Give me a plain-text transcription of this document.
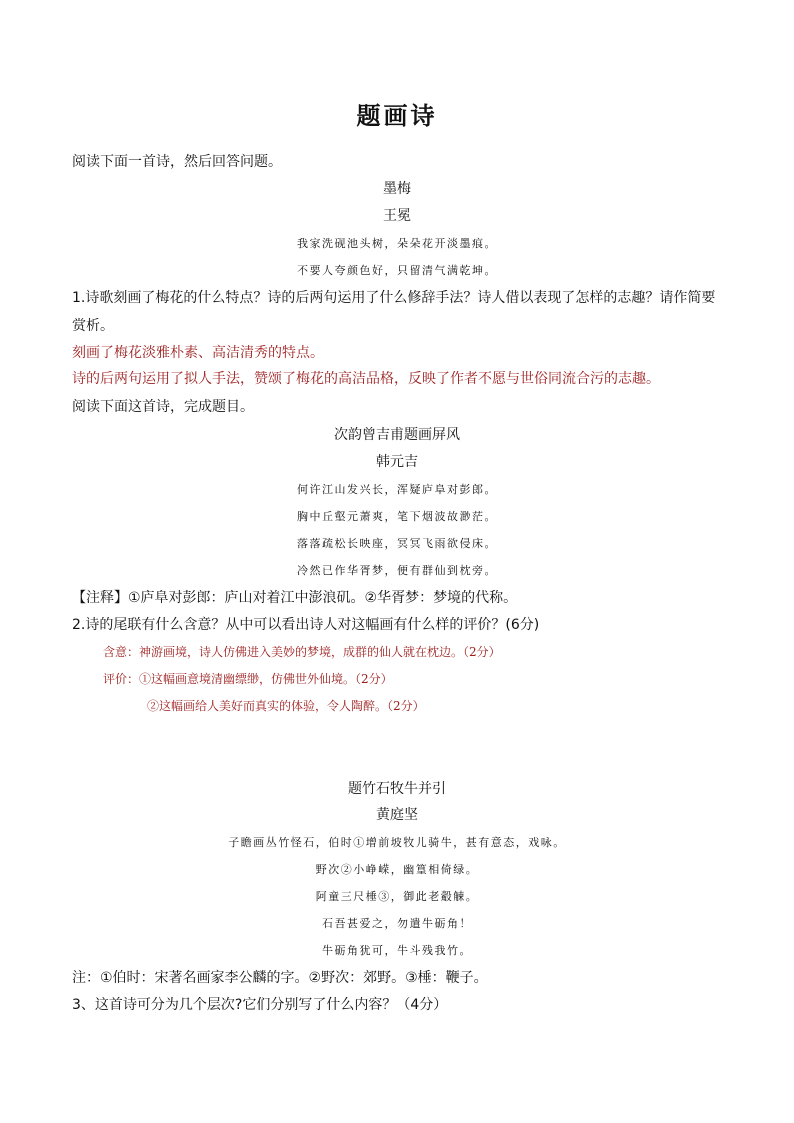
题画诗
阅读下面一首诗，然后回答问题。
墨梅
王冕
我家洗砚池头树，朵朵花开淡墨痕。
不要人夸颜色好，只留清气满乾坤。
1.诗歌刻画了梅花的什么特点？诗的后两句运用了什么修辞手法？诗人借以表现了怎样的志趣？请作简要
赏析。
刻画了梅花淡雅朴素、高洁清秀的特点。
诗的后两句运用了拟人手法，赞颂了梅花的高洁品格，反映了作者不愿与世俗同流合污的志趣。
阅读下面这首诗，完成题目。
次韵曾吉甫题画屏风
韩元吉
何许江山发兴长，浑疑庐阜对彭郎。
胸中丘壑元萧爽，笔下烟波故渺茫。
落落疏松长映座，冥冥飞雨欲侵床。
冷然已作华胥梦，便有群仙到枕旁。
【注释】①庐阜对彭郎：庐山对着江中澎浪矶。②华胥梦：梦境的代称。
2.诗的尾联有什么含意？从中可以看出诗人对这幅画有什么样的评价？(6分)
含意：神游画境，诗人仿佛进入美妙的梦境，成群的仙人就在枕边。（2分）
评价：①这幅画意境清幽缥缈，仿佛世外仙境。（2分）
②这幅画给人美好而真实的体验，令人陶醉。（2分）
题竹石牧牛并引
黄庭坚
子瞻画丛竹怪石，伯时①增前坡牧儿骑牛，甚有意态，戏咏。
野次②小峥嵘，幽篁相倚绿。
阿童三尺棰③，御此老觳觫。
石吾甚爱之，勿遣牛砺角！
牛砺角犹可，牛斗残我竹。
注：①伯时：宋著名画家李公麟的字。②野次：郊野。③棰：鞭子。
3、这首诗可分为几个层次?它们分别写了什么内容？（4分）
